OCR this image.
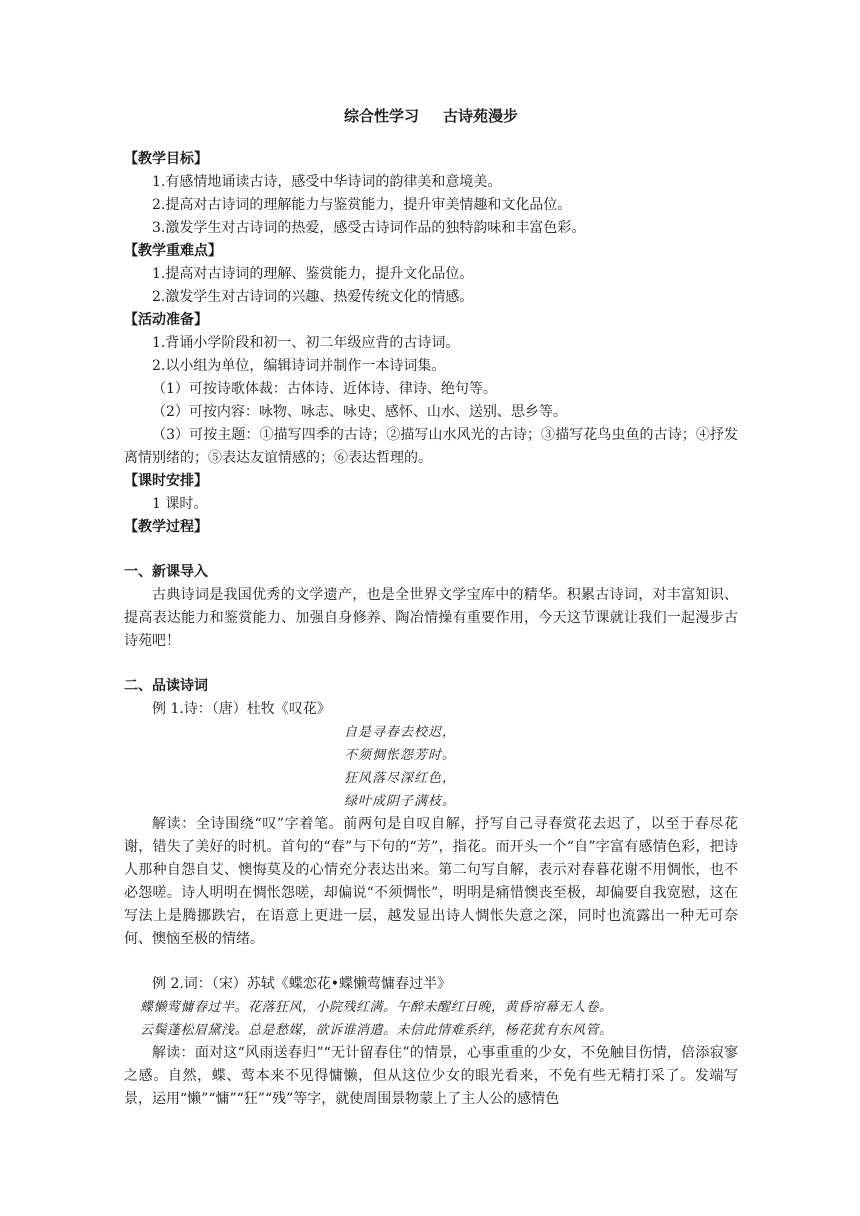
综合性学习 古诗苑漫步
【教学目标】
1.有感情地诵读古诗，感受中华诗词的韵律美和意境美。
2.提高对古诗词的理解能力与鉴赏能力，提升审美情趣和文化品位。
3.激发学生对古诗词的热爱，感受古诗词作品的独特韵味和丰富色彩。
【教学重难点】
1.提高对古诗词的理解、鉴赏能力，提升文化品位。
2.激发学生对古诗词的兴趣、热爱传统文化的情感。
【活动准备】
1.背诵小学阶段和初一、初二年级应背的古诗词。
2.以小组为单位，编辑诗词并制作一本诗词集。
（1）可按诗歌体裁：古体诗、近体诗、律诗、绝句等。
（2）可按内容：咏物、咏志、咏史、感怀、山水、送别、思乡等。
（3）可按主题：①描写四季的古诗；②描写山水风光的古诗；③描写花鸟虫鱼的古诗；④抒发离情别绪的；⑤表达友谊情感的；⑥表达哲理的。
【课时安排】
1 课时。
【教学过程】
一、新课导入
古典诗词是我国优秀的文学遗产，也是全世界文学宝库中的精华。积累古诗词，对丰富知识、提高表达能力和鉴赏能力、加强自身修养、陶冶情操有重要作用，今天这节课就让我们一起漫步古诗苑吧！
二、品读诗词
例 1.诗：（唐）杜牧《叹花》
自是寻春去校迟，
不须惆怅怨芳时。
狂风落尽深红色，
绿叶成阴子满枝。
解读：全诗围绕“叹”字着笔。前两句是自叹自解，抒写自己寻春赏花去迟了，以至于春尽花谢，错失了美好的时机。首句的“春”与下句的“芳”，指花。而开头一个“自”字富有感情色彩，把诗人那种自怨自艾、懊悔莫及的心情充分表达出来。第二句写自解，表示对春暮花谢不用惆怅，也不必怨嗟。诗人明明在惆怅怨嗟，却偏说“不须惆怅”，明明是痛惜懊丧至极，却偏要自我宽慰，这在写法上是腾挪跌宕，在语意上更进一层，越发显出诗人惆怅失意之深，同时也流露出一种无可奈何、懊恼至极的情绪。
例 2.词：（宋）苏轼《蝶恋花•蝶懒莺慵春过半》
蝶懒莺慵春过半。花落狂风，小院残红满。午醉未醒红日晚，黄昏帘幕无人卷。
云鬓蓬松眉黛浅。总是愁媒，欲诉谁消遣。未信此情难系绊，杨花犹有东风管。
解读：面对这“风雨送春归”“无计留春住”的情景，心事重重的少女，不免触目伤情，倍添寂寥之感。自然，蝶、莺本来不见得慵懒，但从这位少女的眼光看来，不免有些无精打采了。发端写景，运用“懒”“慵”“狂”“残”等字，就使周围景物蒙上了主人公的感情色
